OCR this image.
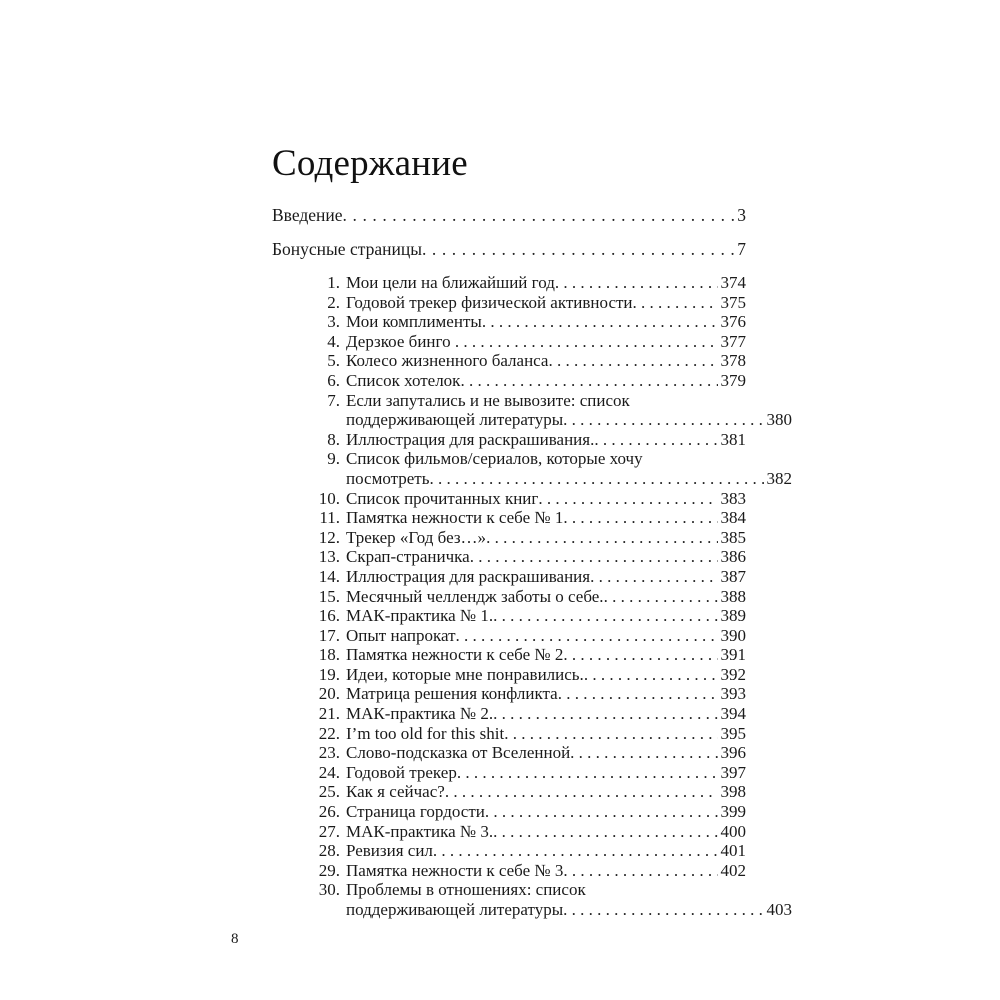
Содержание
Введение . . .	3
Бонусные страницы . . .	7
1. Мои цели на ближайший год . . .	374
2. Годовой трекер физической активности . . .	375
3. Мои комплименты . . .	376
4. Дерзкое бинго . . .	377
5. Колесо жизненного баланса . . .	378
6. Список хотелок . . .	379
7. Если запутались и не вывозите: список
поддерживающей литературы . . .	380
8. Иллюстрация для раскрашивания. . . .	381
9. Список фильмов/сериалов, которые хочу
посмотреть . . .	382
10. Список прочитанных книг . . .	383
11. Памятка нежности к себе № 1 . . .	384
12. Трекер «Год без…» . . .	385
13. Скрап-страничка . . .	386
14. Иллюстрация для раскрашивания . . .	387
15. Месячный челлендж заботы о себе. . . .	388
16. МАК-практика № 1. . . .	389
17. Опыт напрокат . . .	390
18. Памятка нежности к себе № 2 . . .	391
19. Идеи, которые мне понравились. . . .	392
20. Матрица решения конфликта . . .	393
21. МАК-практика № 2. . . .	394
22. I’m too old for this shit . . .	395
23. Слово-подсказка от Вселенной . . .	396
24. Годовой трекер . . .	397
25. Как я сейчас? . . .	398
26. Страница гордости . . .	399
27. МАК-практика № 3. . . .	400
28. Ревизия сил . . .	401
29. Памятка нежности к себе № 3 . . .	402
30. Проблемы в отношениях: список
поддерживающей литературы . . .	403
8
